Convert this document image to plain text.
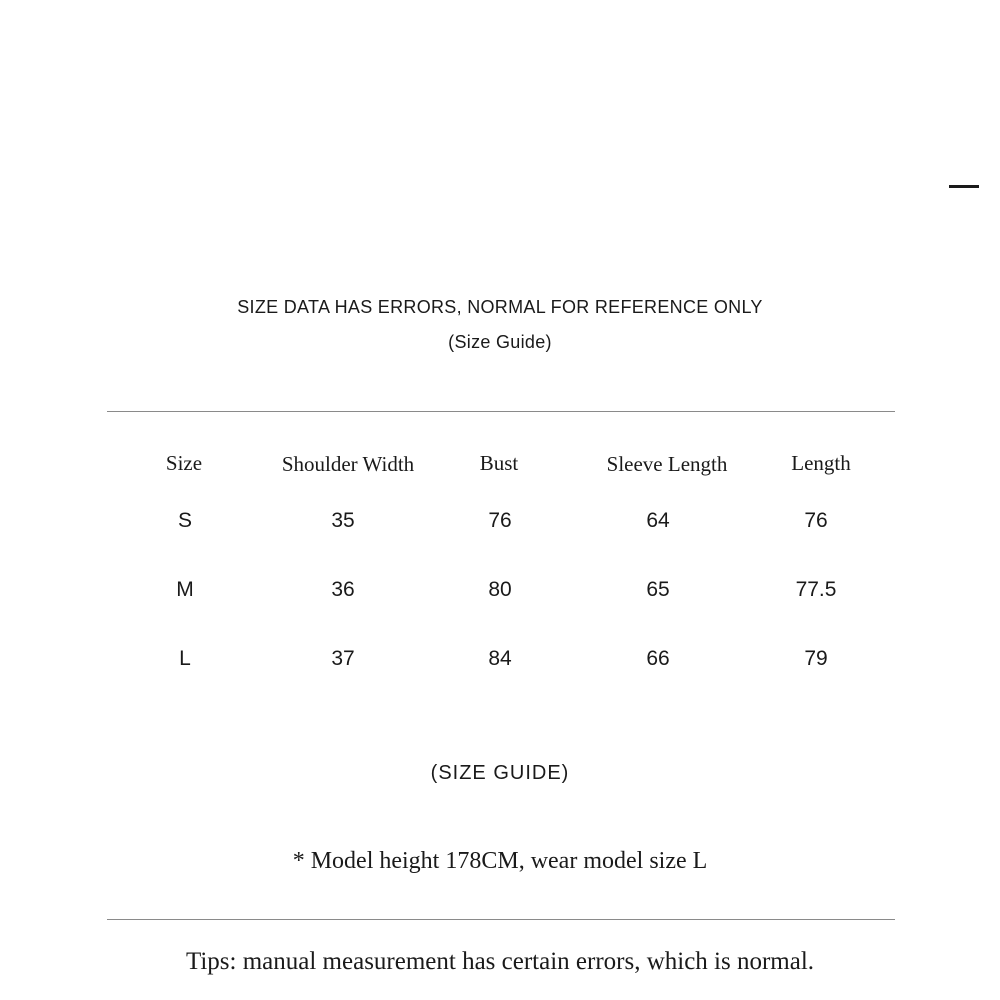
SIZE DATA HAS ERRORS, NORMAL FOR REFERENCE ONLY
(Size Guide)
Size	Shoulder Width	Bust	Sleeve Length	Length
S	35	76	64	76
M	36	80	65	77.5
L	37	84	66	79
(SIZE GUIDE)
* Model height 178CM, wear model size L
Tips: manual measurement has certain errors, which is normal.
